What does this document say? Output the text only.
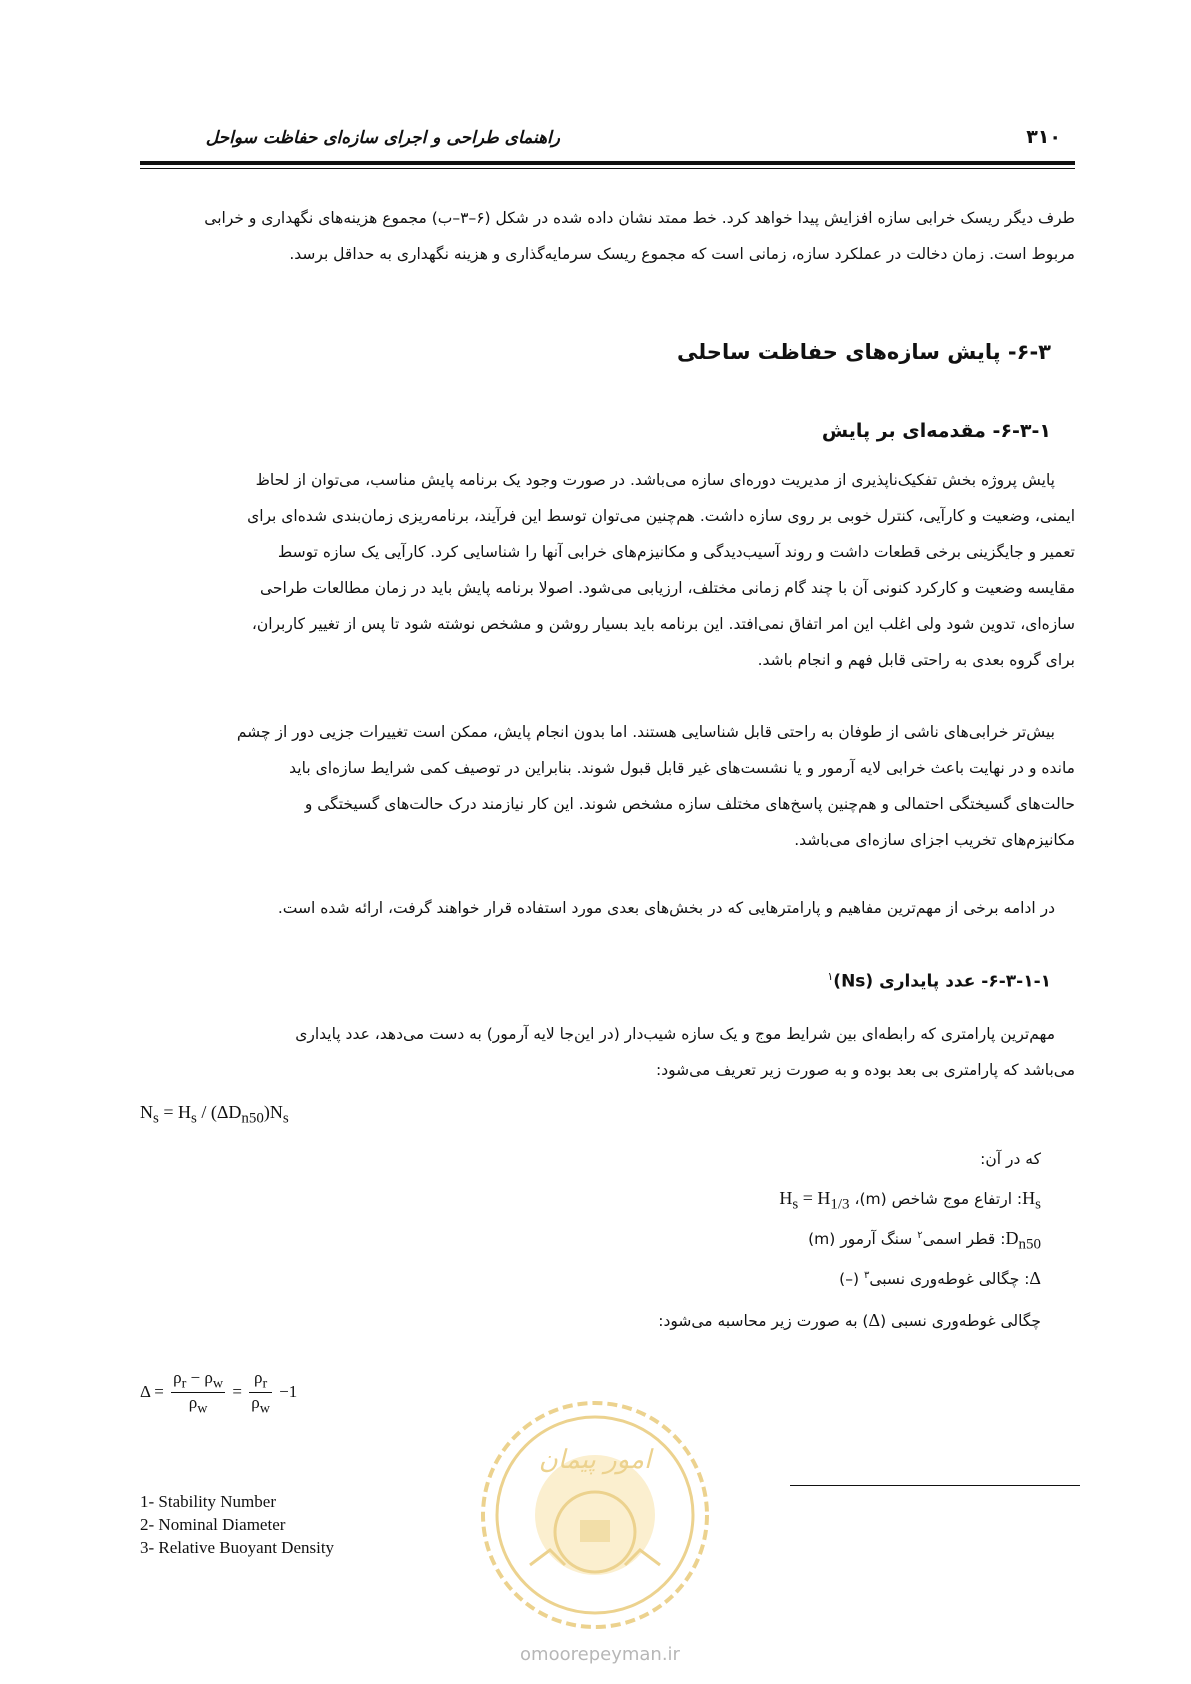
راهنمای طراحی و اجرای سازه‌ای حفاظت سواحل	۳۱۰
طرف دیگر ریسک خرابی سازه افزایش پیدا خواهد کرد. خط ممتد نشان داده شده در شکل (۶–۳–ب) مجموع هزینه‌های نگهداری و خرابی
مربوط است. زمان دخالت در عملکرد سازه، زمانی است که مجموع ریسک سرمایه‌گذاری و هزینه نگهداری به حداقل برسد.
۶-۳- پایش سازه‌های حفاظت ساحلی
۶-۳-۱- مقدمه‌ای بر پایش
پایش پروژه بخش تفکیک‌ناپذیری از مدیریت دوره‌ای سازه می‌باشد. در صورت وجود یک برنامه پایش مناسب، می‌توان از لحاظ
ایمنی، وضعیت و کارآیی، کنترل خوبی بر روی سازه داشت. هم‌چنین می‌توان توسط این فرآیند، برنامه‌ریزی زمان‌بندی شده‌ای برای
تعمیر و جایگزینی برخی قطعات داشت و روند آسیب‌دیدگی و مکانیزم‌های خرابی آنها را شناسایی کرد. کارآیی یک سازه توسط
مقایسه وضعیت و کارکرد کنونی آن با چند گام زمانی مختلف، ارزیابی می‌شود. اصولا برنامه پایش باید در زمان مطالعات طراحی
سازه‌ای، تدوین شود ولی اغلب این امر اتفاق نمی‌افتد. این برنامه باید بسیار روشن و مشخص نوشته شود تا پس از تغییر کاربران،
برای گروه بعدی به راحتی قابل فهم و انجام باشد.
بیش‌تر خرابی‌های ناشی از طوفان به راحتی قابل شناسایی هستند. اما بدون انجام پایش، ممکن است تغییرات جزیی دور از چشم
مانده و در نهایت باعث خرابی لایه آرمور و یا نشست‌های غیر قابل قبول شوند. بنابراین در توصیف کمی شرایط سازه‌ای باید
حالت‌های گسیختگی احتمالی و هم‌چنین پاسخ‌های مختلف سازه مشخص شوند. این کار نیازمند درک حالت‌های گسیختگی و
مکانیزم‌های تخریب اجزای سازه‌ای می‌باشد.
در ادامه برخی از مهم‌ترین مفاهیم و پارامترهایی که در بخش‌های بعدی مورد استفاده قرار خواهند گرفت، ارائه شده است.
۶-۳-۱-۱- عدد پایداری $(Ns)^۱$
مهم‌ترین پارامتری که رابطه‌ای بین شرایط موج و یک سازه شیب‌دار (در این‌جا لایه آرمور) به دست می‌دهد، عدد پایداری
می‌باشد که پارامتری بی بعد بوده و به صورت زیر تعریف می‌شود:
$N_s = H_s / (\Delta D_{n50})N_s$
که در آن:
$H_s$: ارتفاع موج شاخص (m)، $H_s = H_{1/3}$
$D_{n50}$: قطر اسمی$^۲$ سنگ آرمور (m)
Δ: چگالی غوطه‌وری نسبی$^۳$ (–)
چگالی غوطه‌وری نسبی (Δ) به صورت زیر محاسبه می‌شود:
$\Delta = \frac{\rho_r - \rho_w}{\rho_w} = \frac{\rho_r}{\rho_w} -1$
1- Stability Number
2- Nominal Diameter
3- Relative Buoyant Density
امور پیمان
omoorepeyman.ir
